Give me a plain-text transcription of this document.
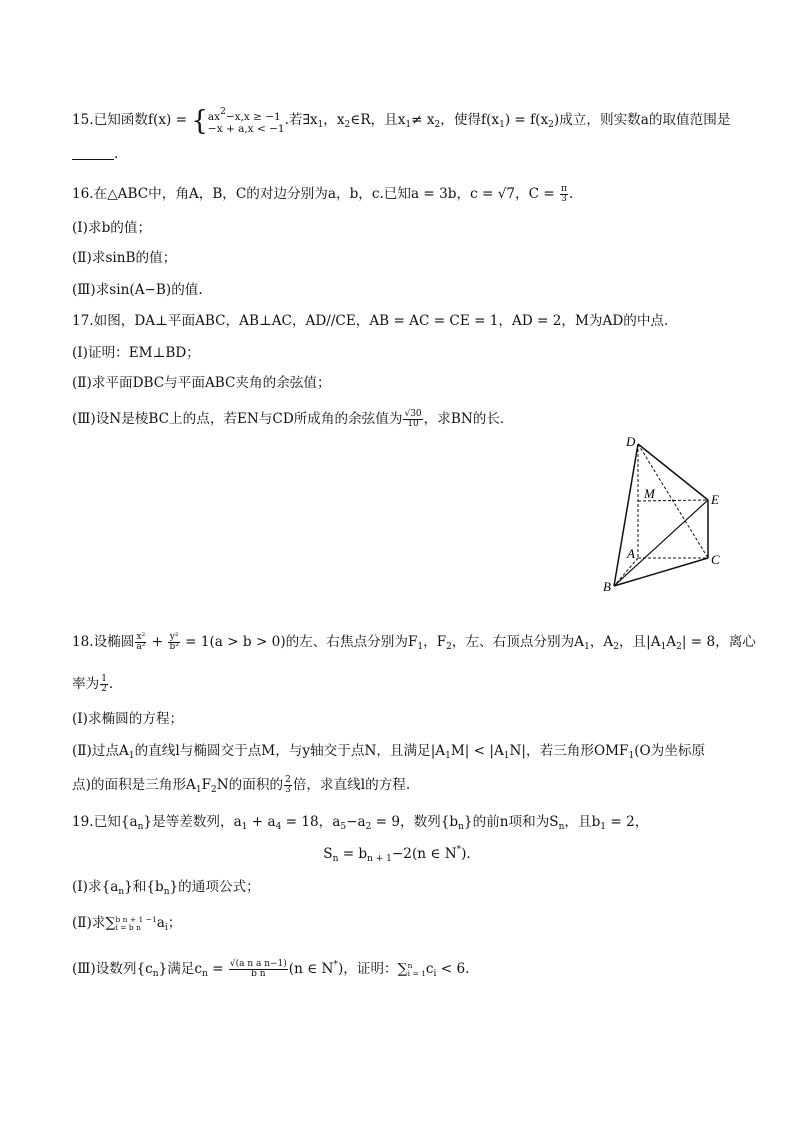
15.已知函数f(x) = { $ax^2-x,x \ge -1$
−x + a,x < −1
.若$\exists x_1$，$x_2\in R$，且$x_1\ne x_2$，使得$f(x_1) = f(x_2)$成立，则实数a的取值范围是
.
16.在△ABC中，角A，B，C的对边分别为a，b，c.已知a = 3b，c = √7，$C = \frac{\pi}{3}$ .
(Ⅰ)求b的值；
(Ⅱ)求sinB的值；
(Ⅲ)求sin(A−B)的值.
17.如图，DA⊥平面ABC，AB⊥AC，AD//CE，AB = AC = CE = 1，AD = 2，M为AD的中点.
(Ⅰ)证明：EM⊥BD；
(Ⅱ)求平面DBC与平面ABC夹角的余弦值；
(Ⅲ)设N是棱BC上的点，若EN与CD所成角的余弦值为 $\frac{√30}{10}$ ，求BN的长.
D
M	E
A	C
B
18.设椭圆 $\frac{\text{x²}}{\text{a²}} + \frac{\text{y²}}{\text{b²}} = 1(a > b > 0)$的左、右焦点分别为$F_1$，$F_2$，左、右顶点分别为$A_1$，$A_2$，且$|A_1A_2| = 8$，离心
率为 $\frac{1}{2}$ .
(Ⅰ)求椭圆的方程；
(Ⅱ)过点$A_1$的直线l与椭圆交于点M，与y轴交于点N，且满足$|A_1M| < |A_1N|$，若三角形$OMF_1(O$为坐标原
点)的面积是三角形$A_1F_2N$的面积的 $\frac{2}{3}$ 倍，求直线l的方程.
19.已知$\{a_n\}$是等差数列，$a_1 + a_4 = 18$，$a_5-a_2 = 9$，数列$\{b_n\}$的前n项和为$S_n$，且$b_1 = 2$，
$S_n = b_{n + 1}-2(n$ ∈ N*).
(Ⅰ)求$\{a_n\}$和$\{b_n\}$的通项公式；
(Ⅱ)求∑ b n + 1 −1
i = b n	$a_i$；
(Ⅲ)设数列$\{c_n\}$满足$c_n = \frac{\text{√(a n a n−1)}}{\text{b n}} (n$ ∈ N*)，证明：∑ n
i = 1 $c_i < 6$.
